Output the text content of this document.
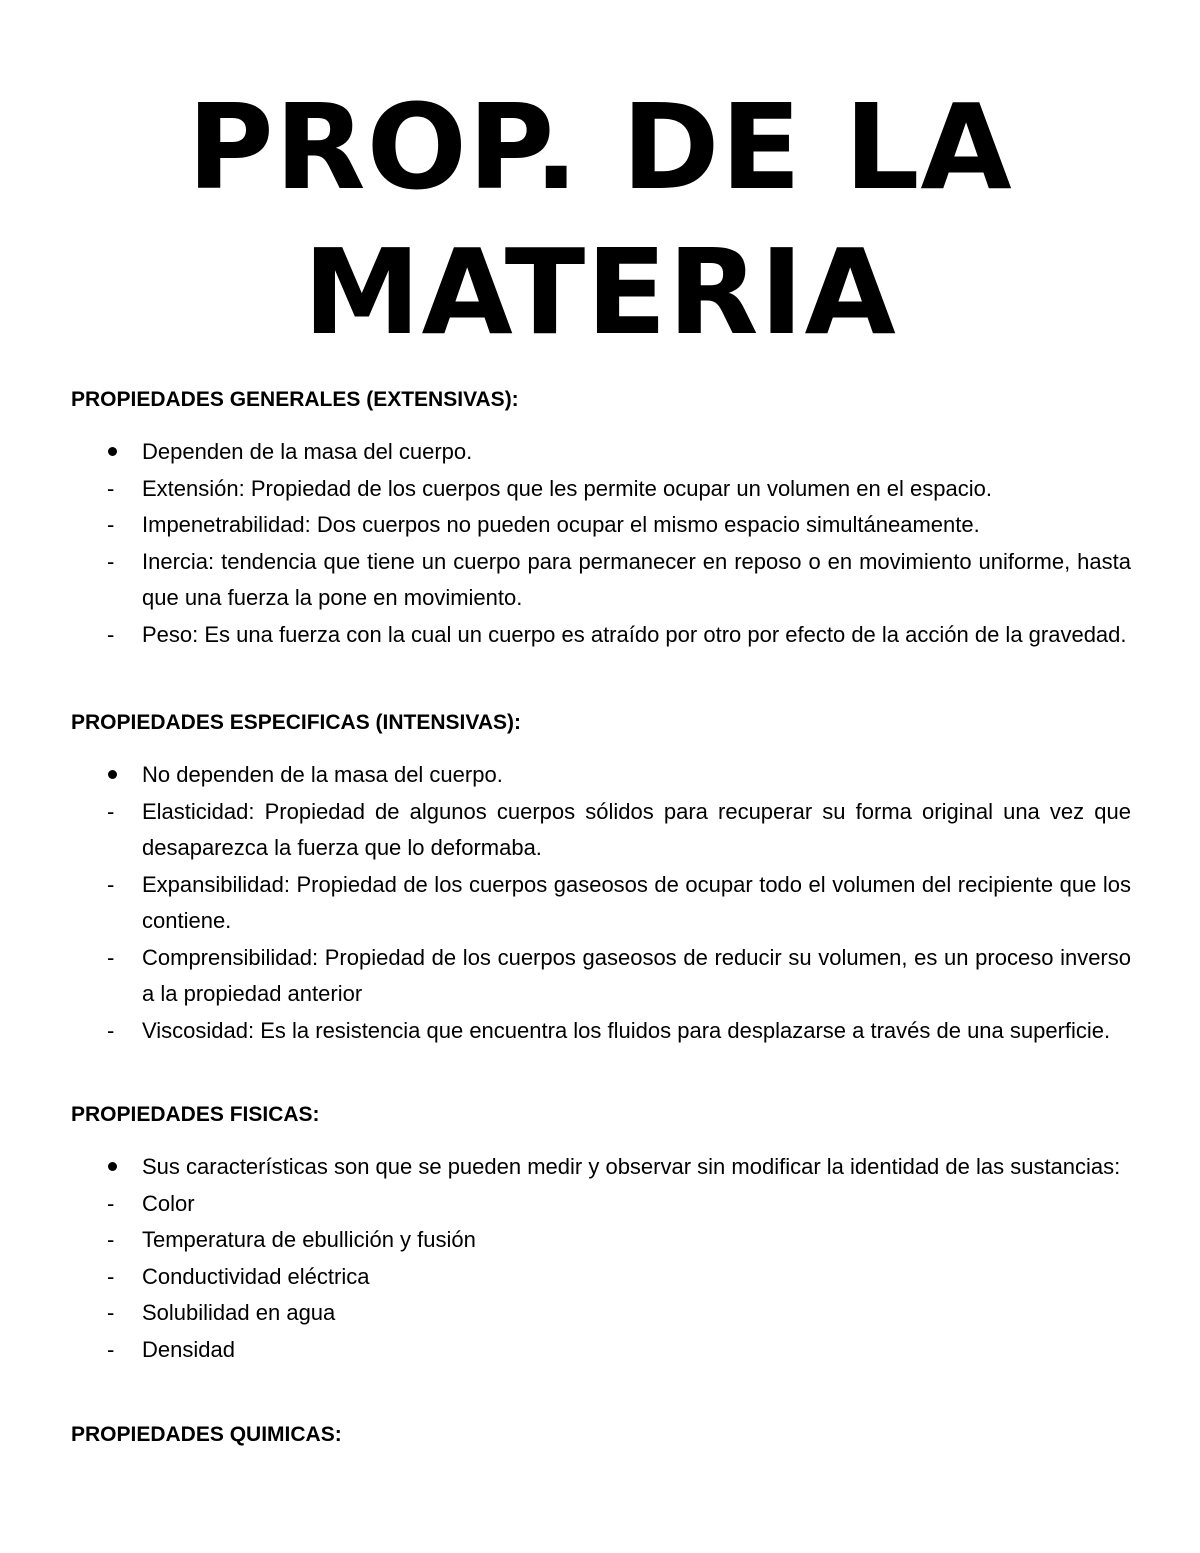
PROP. DE LA
MATERIA

PROPIEDADES GENERALES (EXTENSIVAS):

Dependen de la masa del cuerpo.
- Extensión: Propiedad de los cuerpos que les permite ocupar un volumen en el espacio.
- Impenetrabilidad: Dos cuerpos no pueden ocupar el mismo espacio simultáneamente.
- Inercia: tendencia que tiene un cuerpo para permanecer en reposo o en movimiento uniforme, hasta que una fuerza la pone en movimiento.
- Peso: Es una fuerza con la cual un cuerpo es atraído por otro por efecto de la acción de la gravedad.

PROPIEDADES ESPECIFICAS (INTENSIVAS):

No dependen de la masa del cuerpo.
- Elasticidad: Propiedad de algunos cuerpos sólidos para recuperar su forma original una vez que desaparezca la fuerza que lo deformaba.
- Expansibilidad: Propiedad de los cuerpos gaseosos de ocupar todo el volumen del recipiente que los contiene.
- Comprensibilidad: Propiedad de los cuerpos gaseosos de reducir su volumen, es un proceso inverso a la propiedad anterior
- Viscosidad: Es la resistencia que encuentra los fluidos para desplazarse a través de una superficie.

PROPIEDADES FISICAS:

Sus características son que se pueden medir y observar sin modificar la identidad de las sustancias:
- Color
- Temperatura de ebullición y fusión
- Conductividad eléctrica
- Solubilidad en agua
- Densidad

PROPIEDADES QUIMICAS:
